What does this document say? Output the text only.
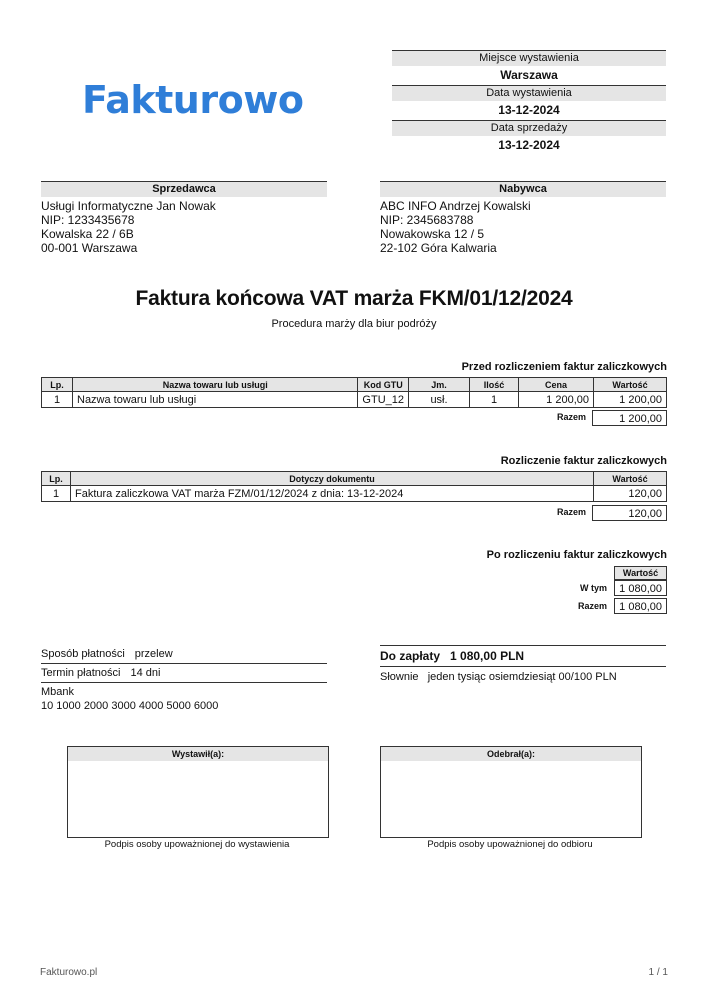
Fakturowo
Miejsce wystawienia
Warszawa
Data wystawienia
13-12-2024
Data sprzedaży
13-12-2024
Sprzedawca
Usługi Informatyczne Jan Nowak
NIP: 1233435678
Kowalska 22 / 6B
00-001 Warszawa
Nabywca
ABC INFO Andrzej Kowalski
NIP: 2345683788
Nowakowska 12 / 5
22-102 Góra Kalwaria
Faktura końcowa VAT marża FKM/01/12/2024
Procedura marży dla biur podróży
Przed rozliczeniem faktur zaliczkowych
Lp.	Nazwa towaru lub usługi	Kod GTU	Jm.	Ilość	Cena	Wartość
1	Nazwa towaru lub usługi	GTU_12	usł.	1	1 200,00	1 200,00
Razem	1 200,00
Rozliczenie faktur zaliczkowych
Lp.	Dotyczy dokumentu	Wartość
1	Faktura zaliczkowa VAT marża FZM/01/12/2024 z dnia: 13-12-2024	120,00
Razem	120,00
Po rozliczeniu faktur zaliczkowych
Wartość
W tym	1 080,00
Razem	1 080,00
Sposób płatności przelew
Termin płatności 14 dni
Mbank
10 1000 2000 3000 4000 5000 6000
Do zapłaty 1 080,00 PLN
Słownie jeden tysiąc osiemdziesiąt 00/100 PLN
Wystawił(a):
Podpis osoby upoważnionej do wystawienia
Odebrał(a):
Podpis osoby upoważnionej do odbioru
Fakturowo.pl	1 / 1
